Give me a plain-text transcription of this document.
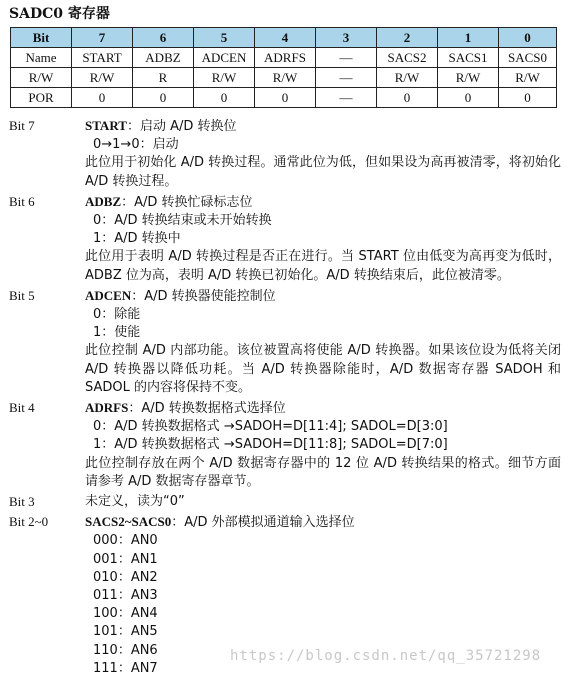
SADC0 寄存器
Bit	7	6	5	4	3	2	1	0
Name	START	ADBZ	ADCEN	ADRFS	—	SACS2	SACS1	SACS0
R/W	R/W	R	R/W	R/W	—	R/W	R/W	R/W
POR	0	0	0	0	—	0	0	0
Bit 7	START：启动 A/D 转换位
0→1→0：启动
此位用于初始化 A/D 转换过程。通常此位为低，但如果设为高再被清零，将初始化 A/D 转换过程。
Bit 6	ADBZ：A/D 转换忙碌标志位
0：A/D 转换结束或未开始转换
1：A/D 转换中
此位用于表明 A/D 转换过程是否正在进行。当 START 位由低变为高再变为低时，ADBZ 位为高，表明 A/D 转换已初始化。A/D 转换结束后，此位被清零。
Bit 5	ADCEN：A/D 转换器使能控制位
0：除能
1：使能
此位控制 A/D 内部功能。该位被置高将使能 A/D 转换器。如果该位设为低将关闭 A/D 转换器以降低功耗。当 A/D 转换器除能时，A/D 数据寄存器 SADOH 和 SADOL 的内容将保持不变。
Bit 4	ADRFS：A/D 转换数据格式选择位
0：A/D 转换数据格式 →SADOH=D[11:4]; SADOL=D[3:0]
1：A/D 转换数据格式 →SADOH=D[11:8]; SADOL=D[7:0]
此位控制存放在两个 A/D 数据寄存器中的 12 位 A/D 转换结果的格式。细节方面请参考 A/D 数据寄存器章节。
Bit 3	未定义，读为“0”
Bit 2~0	SACS2~SACS0：A/D 外部模拟通道输入选择位
000：AN0
001：AN1
010：AN2
011：AN3
100：AN4
101：AN5
110：AN6
111：AN7
https://blog.csdn.net/qq_35721298
